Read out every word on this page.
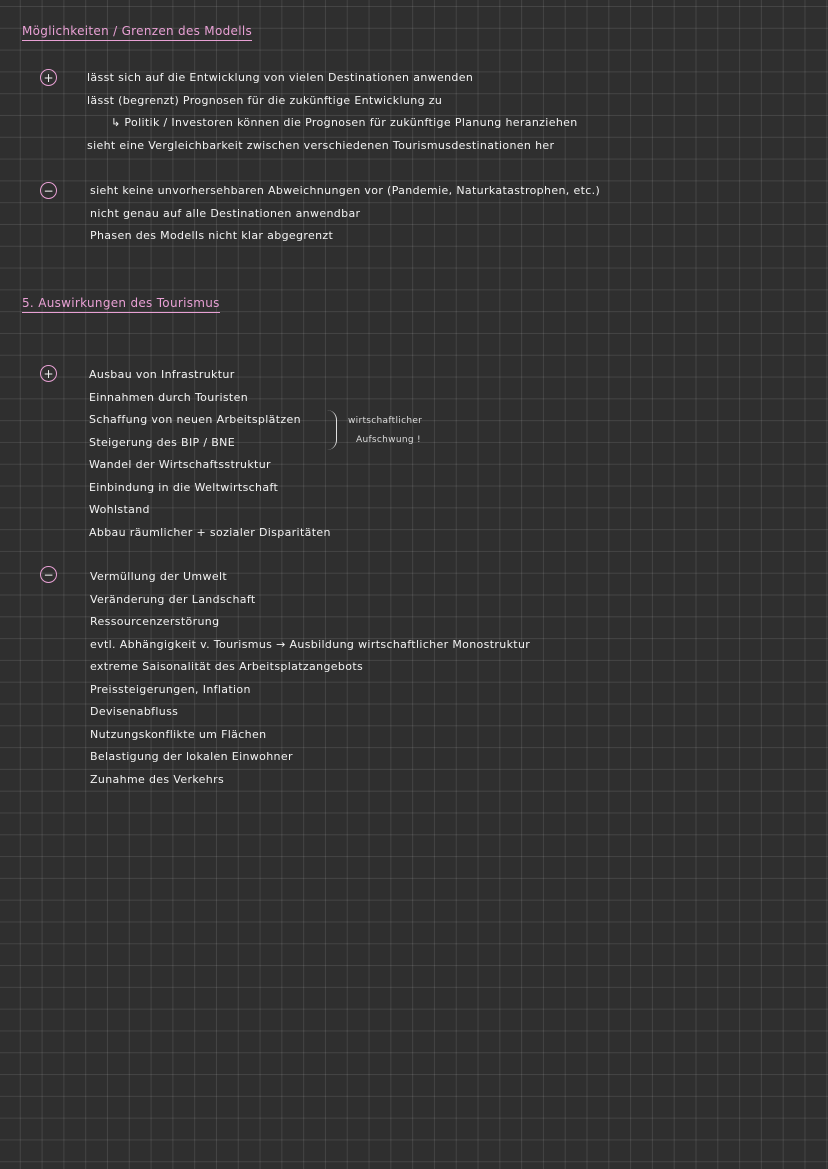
Möglichkeiten / Grenzen des Modells
+	lässt sich auf die Entwicklung von vielen Destinationen anwenden
lässt (begrenzt) Prognosen für die zukünftige Entwicklung zu
↳ Politik / Investoren können die Prognosen für zukünftige Planung heranziehen
sieht eine Vergleichbarkeit zwischen verschiedenen Tourismusdestinationen her
−	sieht keine unvorhersehbaren Abweichnungen vor (Pandemie, Naturkatastrophen, etc.)
nicht genau auf alle Destinationen anwendbar
Phasen des Modells nicht klar abgegrenzt
5. Auswirkungen des Tourismus
+	Ausbau von Infrastruktur
Einnahmen durch Touristen
Schaffung von neuen Arbeitsplätzen
Steigerung des BIP / BNE
Wandel der Wirtschaftsstruktur
Einbindung in die Weltwirtschaft
Wohlstand
Abbau räumlicher + sozialer Disparitäten
wirtschaftlicher
Aufschwung !
−	Vermüllung der Umwelt
Veränderung der Landschaft
Ressourcenzerstörung
evtl. Abhängigkeit v. Tourismus → Ausbildung wirtschaftlicher Monostruktur
extreme Saisonalität des Arbeitsplatzangebots
Preissteigerungen, Inflation
Devisenabfluss
Nutzungskonflikte um Flächen
Belastigung der lokalen Einwohner
Zunahme des Verkehrs
